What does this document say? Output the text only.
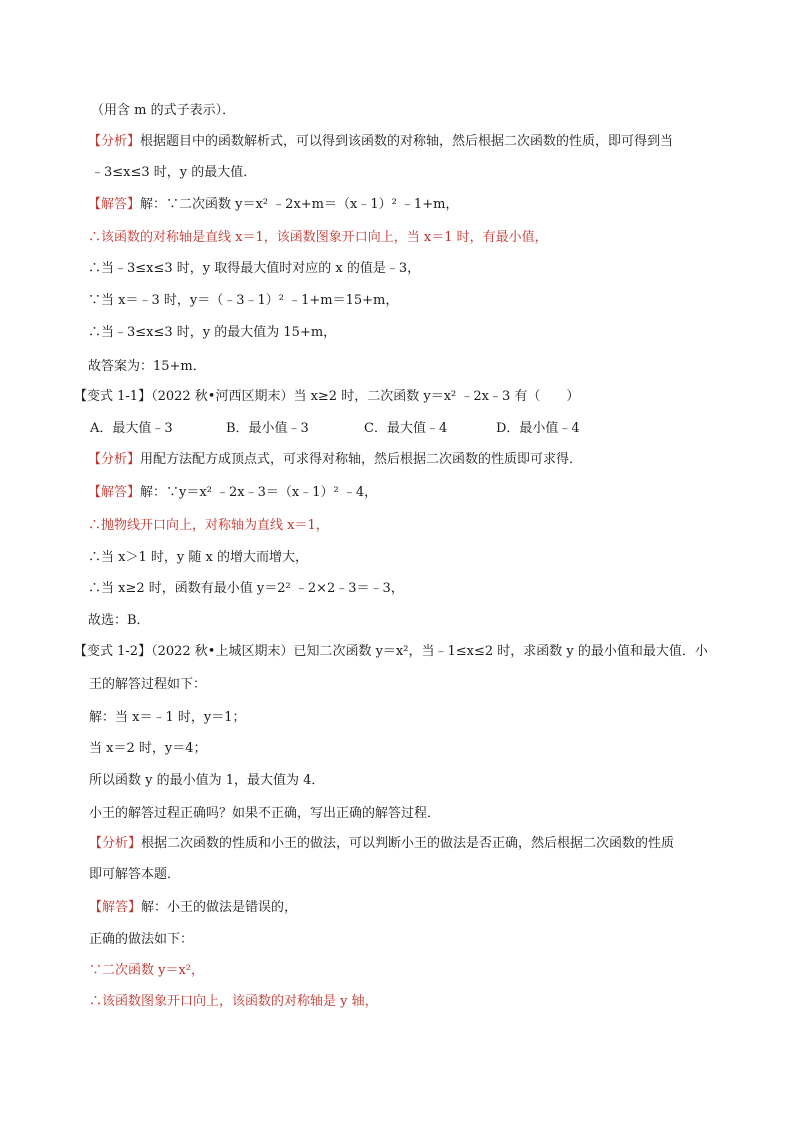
（用含 m 的式子表示）．
【分析】根据题目中的函数解析式，可以得到该函数的对称轴，然后根据二次函数的性质，即可得到当
﹣3≤x≤3 时，y 的最大值．
【解答】解：∵二次函数 y＝x² ﹣2x+m＝（x﹣1）² ﹣1+m，
∴该函数的对称轴是直线 x＝1，该函数图象开口向上，当 x＝1 时，有最小值，
∴当﹣3≤x≤3 时，y 取得最大值时对应的 x 的值是﹣3，
∵当 x＝﹣3 时，y＝（﹣3﹣1）² ﹣1+m＝15+m，
∴当﹣3≤x≤3 时，y 的最大值为 15+m，
故答案为：15+m．
【变式 1-1】（2022 秋•河西区期末）当 x≥2 时，二次函数 y＝x² ﹣2x﹣3 有（　　）
【分析】用配方法配方成顶点式，可求得对称轴，然后根据二次函数的性质即可求得．
【解答】解：∵y＝x² ﹣2x﹣3＝（x﹣1）² ﹣4，
∴抛物线开口向上，对称轴为直线 x＝1，
∴当 x＞1 时，y 随 x 的增大而增大，
∴当 x≥2 时，函数有最小值 y＝2² ﹣2×2﹣3＝﹣3，
故选：B．
【变式 1-2】（2022 秋•上城区期末）已知二次函数 y＝x²，当﹣1≤x≤2 时，求函数 y 的最小值和最大值．小
王的解答过程如下：
解：当 x＝﹣1 时，y＝1；
当 x＝2 时，y＝4；
所以函数 y 的最小值为 1，最大值为 4．
小王的解答过程正确吗？如果不正确，写出正确的解答过程．
【分析】根据二次函数的性质和小王的做法，可以判断小王的做法是否正确，然后根据二次函数的性质
即可解答本题．
【解答】解：小王的做法是错误的，
正确的做法如下：
∵二次函数 y＝x²，
∴该函数图象开口向上，该函数的对称轴是 y 轴，
A．最大值﹣3	B．最小值﹣3	C．最大值﹣4	D．最小值﹣4
